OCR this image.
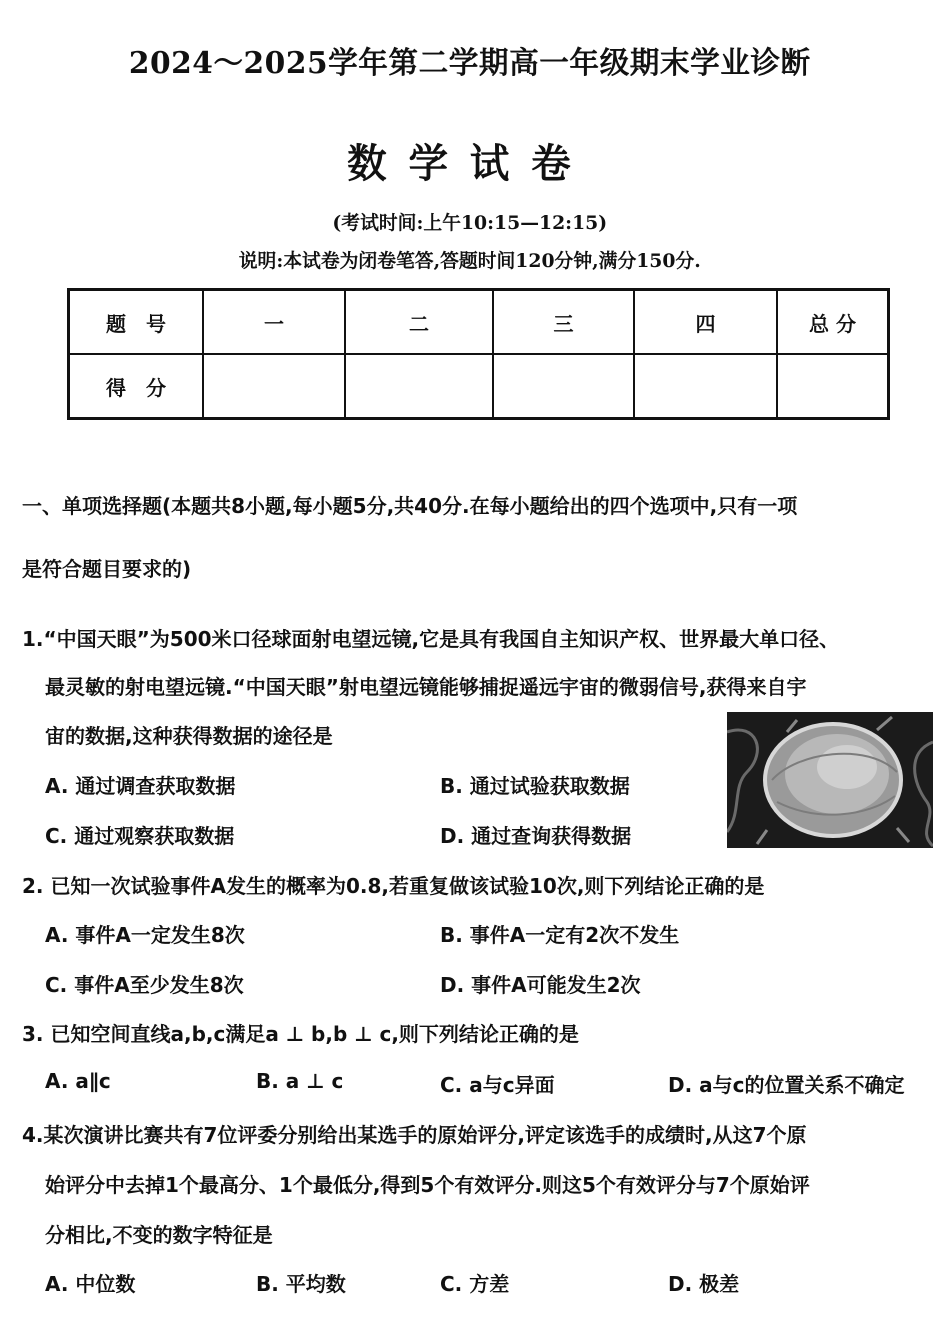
2024～2025学年第二学期高一年级期末学业诊断
数学试卷
(考试时间:上午10:15—12:15)
说明:本试卷为闭卷笔答,答题时间120分钟,满分150分.
题　号	一	二	三	四	总 分
得　分					
一、单项选择题(本题共8小题,每小题5分,共40分.在每小题给出的四个选项中,只有一项
是符合题目要求的)
1.“中国天眼”为500米口径球面射电望远镜,它是具有我国自主知识产权、世界最大单口径、
最灵敏的射电望远镜.“中国天眼”射电望远镜能够捕捉遥远宇宙的微弱信号,获得来自宇
宙的数据,这种获得数据的途径是
A. 通过调查获取数据	B. 通过试验获取数据
C. 通过观察获取数据	D. 通过查询获得数据
2. 已知一次试验事件A发生的概率为0.8,若重复做该试验10次,则下列结论正确的是
A. 事件A一定发生8次	B. 事件A一定有2次不发生
C. 事件A至少发生8次	D. 事件A可能发生2次
3. 已知空间直线a,b,c满足a ⊥ b,b ⊥ c,则下列结论正确的是
A. a∥c	B. a ⊥ c	C. a与c异面	D. a与c的位置关系不确定
4.某次演讲比赛共有7位评委分别给出某选手的原始评分,评定该选手的成绩时,从这7个原
始评分中去掉1个最高分、1个最低分,得到5个有效评分.则这5个有效评分与7个原始评
分相比,不变的数字特征是
A. 中位数	B. 平均数	C. 方差	D. 极差
